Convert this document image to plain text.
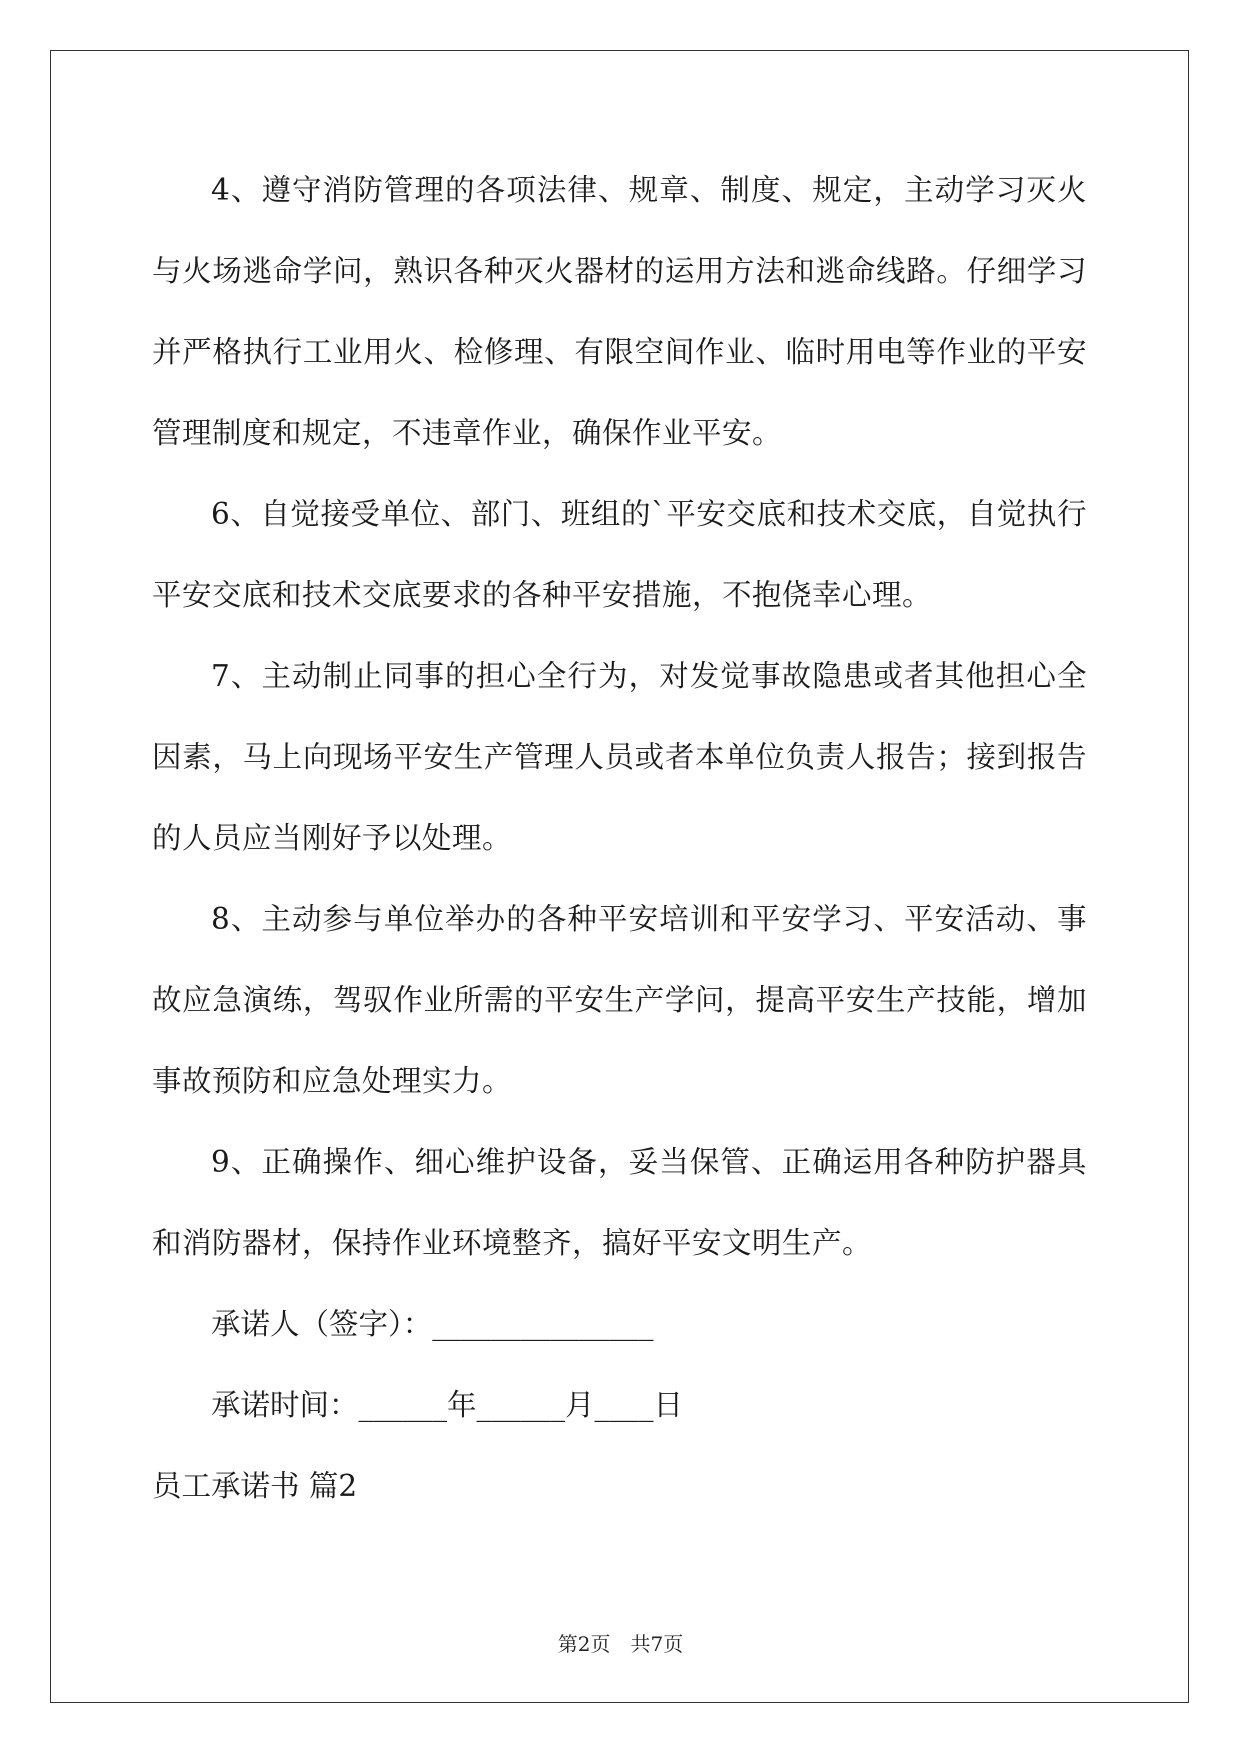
4、遵守消防管理的各项法律、规章、制度、规定，主动学习灭火与火场逃命学问，熟识各种灭火器材的运用方法和逃命线路。仔细学习并严格执行工业用火、检修理、有限空间作业、临时用电等作业的平安管理制度和规定，不违章作业，确保作业平安。

6、自觉接受单位、部门、班组的`平安交底和技术交底，自觉执行平安交底和技术交底要求的各种平安措施，不抱侥幸心理。

7、主动制止同事的担心全行为，对发觉事故隐患或者其他担心全因素，马上向现场平安生产管理人员或者本单位负责人报告；接到报告的人员应当刚好予以处理。

8、主动参与单位举办的各种平安培训和平安学习、平安活动、事故应急演练，驾驭作业所需的平安生产学问，提高平安生产技能，增加事故预防和应急处理实力。

9、正确操作、细心维护设备，妥当保管、正确运用各种防护器具和消防器材，保持作业环境整齐，搞好平安文明生产。

承诺人（签字）：_______________
承诺时间：______年______月____日
员工承诺书 篇2
第2页　共7页
